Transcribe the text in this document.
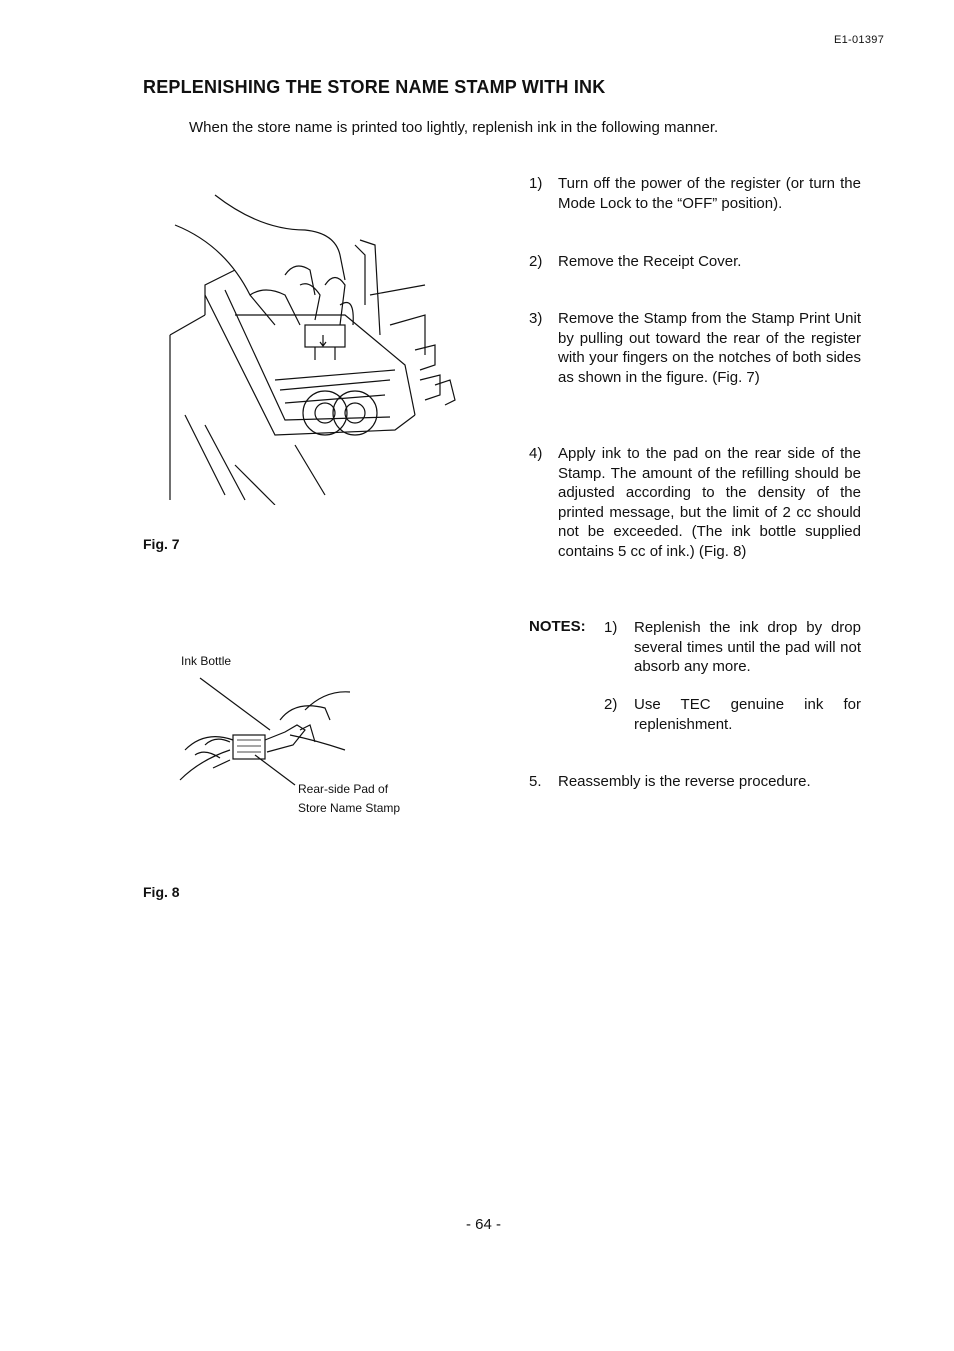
E1-01397
REPLENISHING THE STORE NAME STAMP WITH INK
When the store name is printed too lightly, replenish ink in the following manner.
Fig. 7
Ink Bottle
Rear-side Pad of
Store Name Stamp
Fig. 8
1)	Turn off the power of the register (or turn the Mode Lock to the “OFF” position).
2)	Remove the Receipt Cover.
3)	Remove the Stamp from the Stamp Print Unit by pulling out toward the rear of the register with your fingers on the notches of both sides as shown in the figure. (Fig. 7)
4)	Apply ink to the pad on the rear side of the Stamp. The amount of the refilling should be adjusted according to the density of the printed message, but the limit of 2 cc should not be exceeded. (The ink bottle supplied contains 5 cc of ink.) (Fig. 8)
NOTES: 1)	Replenish the ink drop by drop several times until the pad will not absorb any more.
2)	Use TEC genuine ink for replenishment.
5.	Reassembly is the reverse procedure.
- 64 -
